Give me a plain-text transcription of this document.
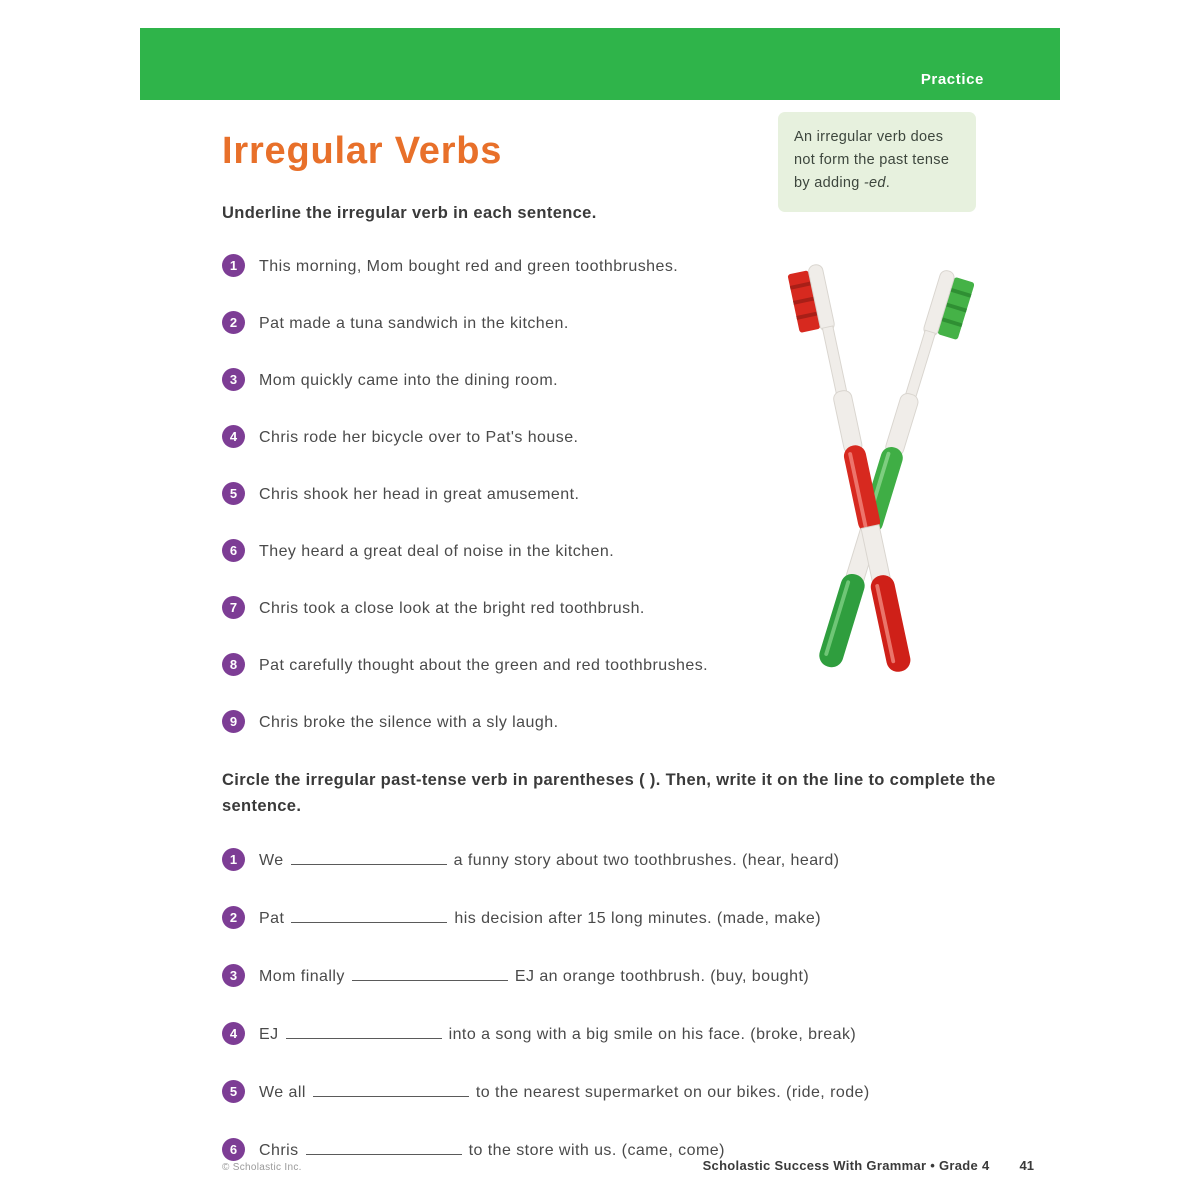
Practice
An irregular verb does not form the past tense by adding -ed.
Irregular Verbs
Underline the irregular verb in each sentence.
1	This morning, Mom bought red and green toothbrushes.
2	Pat made a tuna sandwich in the kitchen.
3	Mom quickly came into the dining room.
4	Chris rode her bicycle over to Pat's house.
5	Chris shook her head in great amusement.
6	They heard a great deal of noise in the kitchen.
7	Chris took a close look at the bright red toothbrush.
8	Pat carefully thought about the green and red toothbrushes.
9	Chris broke the silence with a sly laugh.
Circle the irregular past-tense verb in parentheses ( ). Then, write it on the line to complete the sentence.
1	We	a funny story about two toothbrushes. (hear, heard)
2	Pat	his decision after 15 long minutes. (made, make)
3	Mom finally	EJ an orange toothbrush. (buy, bought)
4	EJ	into a song with a big smile on his face. (broke, break)
5	We all	to the nearest supermarket on our bikes. (ride, rode)
6	Chris	to the store with us. (came, come)
© Scholastic Inc.	Scholastic Success With Grammar • Grade 4 41
